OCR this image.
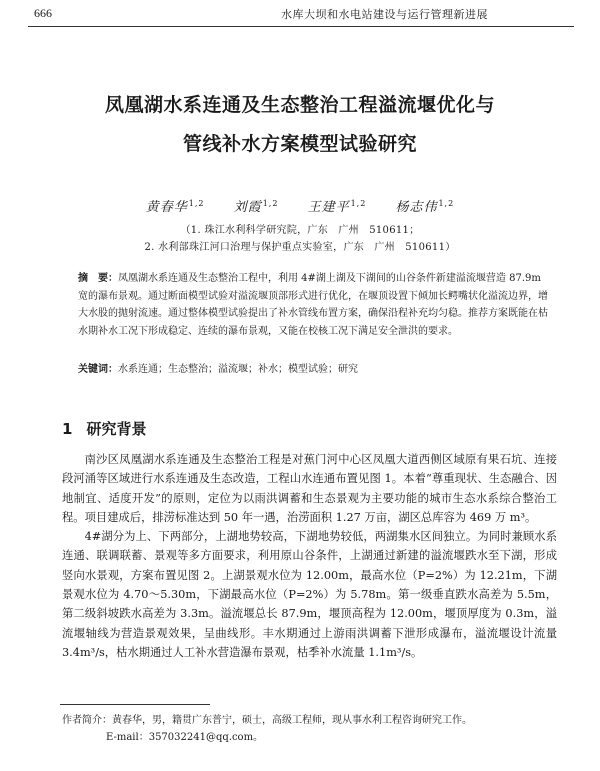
666	水库大坝和水电站建设与运行管理新进展
凤凰湖水系连通及生态整治工程溢流堰优化与
管线补水方案模型试验研究
黄春华$^{1,2}$ 刘霞$^{1,2}$ 王建平$^{1,2}$ 杨志伟$^{1,2}$
（1. 珠江水利科学研究院，广东　广州　510611；
2. 水利部珠江河口治理与保护重点实验室，广东　广州　510611）
摘　要：凤凰湖水系连通及生态整治工程中，利用 4#湖上湖及下湖间的山谷条件新建溢流堰营造 87.9m 宽的瀑布景观。通过断面模型试验对溢流堰顶部形式进行优化，在堰顶设置下倾加长鳄嘴状化溢流边界，增大水股的抛射流速。通过整体模型试验提出了补水管线布置方案，确保沿程补充均匀稳。推荐方案既能在枯水期补水工况下形成稳定、连续的瀑布景观，又能在校核工况下满足安全泄洪的要求。
关键词：水系连通；生态整治；溢流堰；补水；模型试验；研究
1 研究背景

南沙区凤凰湖水系连通及生态整治工程是对蕉门河中心区凤凰大道西侧区域原有果石坑、连接段河涌等区域进行水系连通及生态改造，工程山水连通布置见图 1。本着“尊重现状、生态融合、因地制宜、适度开发”的原则，定位为以雨洪调蓄和生态景观为主要功能的城市生态水系综合整治工程。项目建成后，排涝标准达到 50 年一遇，治涝面积 1.27 万亩，湖区总库容为 469 万 m³。

4#湖分为上、下两部分，上湖地势较高，下湖地势较低，两湖集水区间独立。为同时兼顾水系连通、联调联蓄、景观等多方面要求，利用原山谷条件，上湖通过新建的溢流堰跌水至下湖，形成竖向水景观，方案布置见图 2。上湖景观水位为 12.00m，最高水位（P=2%）为 12.21m，下湖景观水位为 4.70～5.30m，下湖最高水位（P=2%）为 5.78m。第一级垂直跌水高差为 5.5m，第二级斜坡跌水高差为 3.3m。溢流堰总长 87.9m，堰顶高程为 12.00m，堰顶厚度为 0.3m，溢流堰轴线为营造景观效果，呈曲线形。丰水期通过上游雨洪调蓄下泄形成瀑布，溢流堰设计流量 3.4m³/s，枯水期通过人工补水营造瀑布景观，枯季补水流量 1.1m³/s。

作者简介：黄春华，男，籍贯广东普宁，硕士，高级工程师，现从事水利工程咨询研究工作。
E-mail：357032241@qq.com。
